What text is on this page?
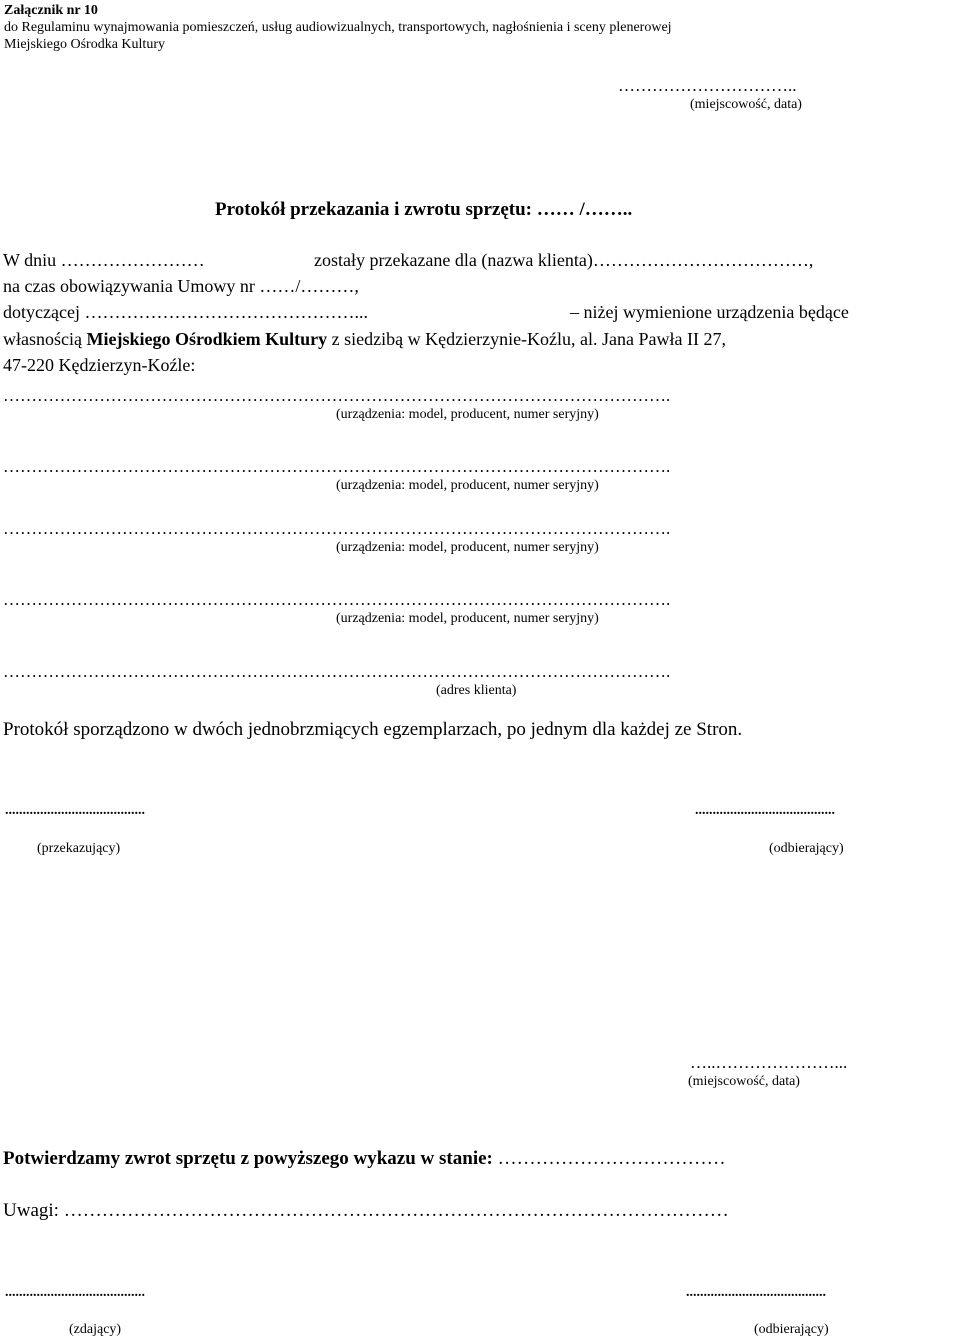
Załącznik nr 10
do Regulaminu wynajmowania pomieszczeń, usług audiowizualnych, transportowych, nagłośnienia i sceny plenerowej
Miejskiego Ośrodka Kultury
…………………………..
(miejscowość, data)
Protokół przekazania i zwrotu sprzętu: …… /……..
W dniu ……………………	zostały przekazane dla (nazwa klienta)………………………………,
na czas obowiązywania Umowy nr ……/………,
dotyczącej ………………………………………...	– niżej wymienione urządzenia będące
własnością Miejskiego Ośrodkiem Kultury z siedzibą w Kędzierzynie-Koźlu, al. Jana Pawła II 27,
47-220 Kędzierzyn-Koźle:
……………………………………………………………………………………………………….
(urządzenia: model, producent, numer seryjny)
……………………………………………………………………………………………………….
(urządzenia: model, producent, numer seryjny)
……………………………………………………………………………………………………….
(urządzenia: model, producent, numer seryjny)
……………………………………………………………………………………………………….
(urządzenia: model, producent, numer seryjny)
……………………………………………………………………………………………………….
(adres klienta)
Protokół sporządzono w dwóch jednobrzmiących egzemplarzach, po jednym dla każdej ze Stron.
........................................
(przekazujący)
........................................
(odbierający)
…..…………………...
(miejscowość, data)
Potwierdzamy zwrot sprzętu z powyższego wykazu w stanie: ………………………………
Uwagi: ……………………………………………………………………………………………
........................................
(zdający)
........................................
(odbierający)
